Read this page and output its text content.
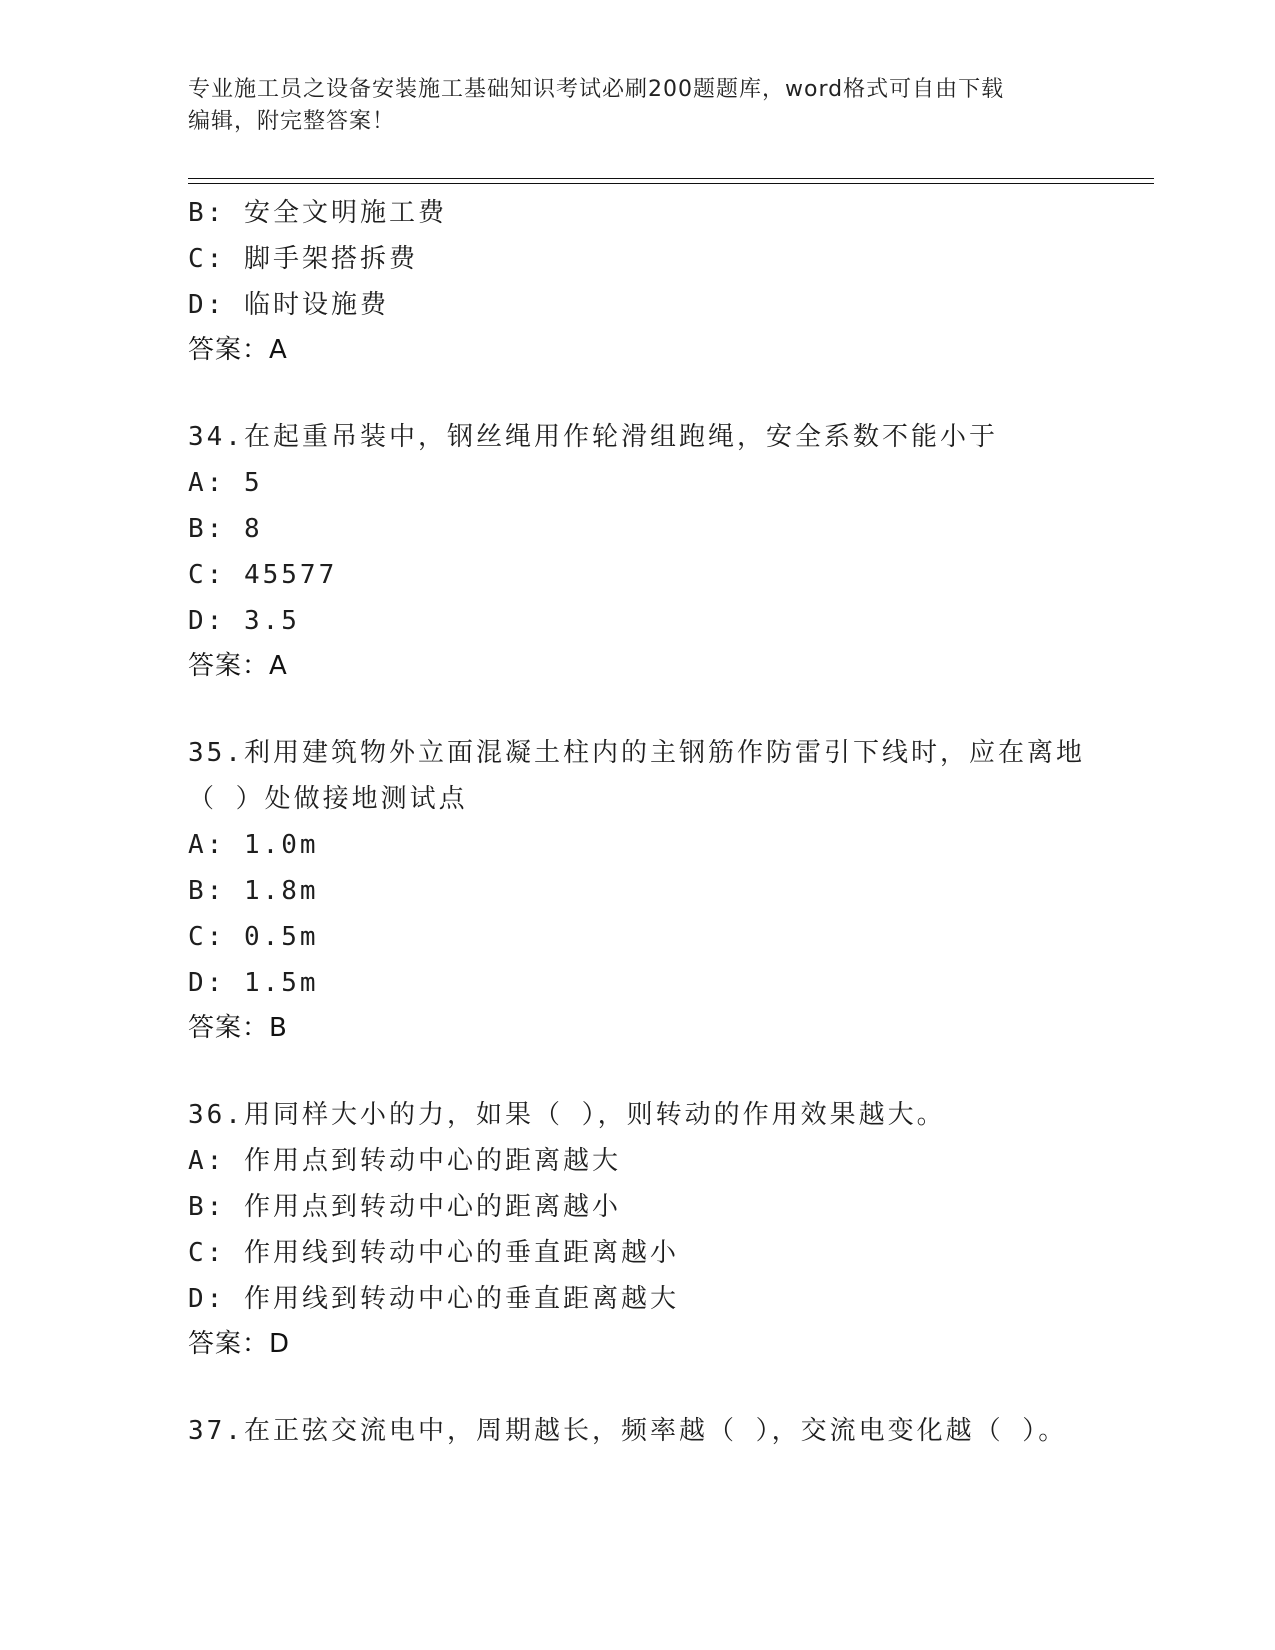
专业施工员之设备安装施工基础知识考试必刷200题题库，word格式可自由下载
编辑，附完整答案！
B: 安全文明施工费
C: 脚手架搭拆费
D: 临时设施费
答案：A
34.在起重吊装中，钢丝绳用作轮滑组跑绳，安全系数不能小于
A: 5
B: 8
C: 45577
D: 3.5
答案：A
35.利用建筑物外立面混凝土柱内的主钢筋作防雷引下线时，应在离地
（ ）处做接地测试点
A: 1.0m
B: 1.8m
C: 0.5m
D: 1.5m
答案：B
36.用同样大小的力，如果（ ），则转动的作用效果越大。
A: 作用点到转动中心的距离越大
B: 作用点到转动中心的距离越小
C: 作用线到转动中心的垂直距离越小
D: 作用线到转动中心的垂直距离越大
答案：D
37.在正弦交流电中，周期越长，频率越（ ），交流电变化越（ ）。
